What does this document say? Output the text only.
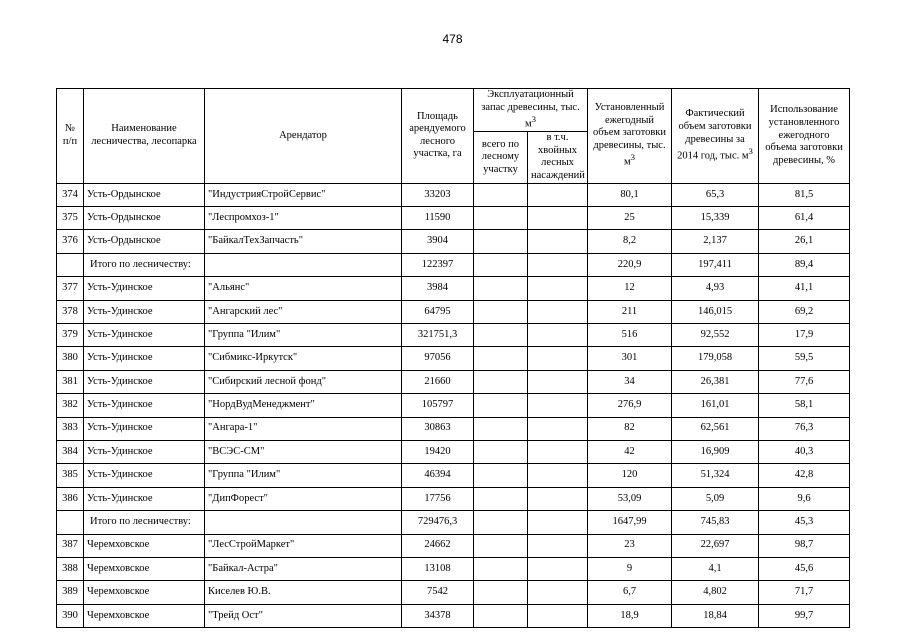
478
№ п/п	Наименование лесничества, лесопарка	Арендатор	Площадь арендуемого лесного участка, га	Эксплуатационный запас древесины, тыс. $м^3$		Установленный ежегодный объем заготовки древесины, тыс. $м^3$	Фактический объем заготовки древесины за 2014 год, тыс. $м^3$	Использование установленного ежегодного объема заготовки древесины, %
				всего по лесному участку	в т.ч. хвойных лесных насаждений			
374	Усть-Ордынское	"ИндустрияСтройСервис"	33203			80,1	65,3	81,5
375	Усть-Ордынское	"Леспромхоз-1"	11590			25	15,339	61,4
376	Усть-Ордынское	"БайкалТехЗапчасть"	3904			8,2	2,137	26,1
	Итого по лесничеству:		122397			220,9	197,411	89,4
377	Усть-Удинское	"Альянс"	3984			12	4,93	41,1
378	Усть-Удинское	"Ангарский лес"	64795			211	146,015	69,2
379	Усть-Удинское	"Группа "Илим"	321751,3			516	92,552	17,9
380	Усть-Удинское	"Сибмикс-Иркутск"	97056			301	179,058	59,5
381	Усть-Удинское	"Сибирский лесной фонд"	21660			34	26,381	77,6
382	Усть-Удинское	"НордВудМенеджмент"	105797			276,9	161,01	58,1
383	Усть-Удинское	"Ангара-1"	30863			82	62,561	76,3
384	Усть-Удинское	"ВСЭС-СМ"	19420			42	16,909	40,3
385	Усть-Удинское	"Группа "Илим"	46394			120	51,324	42,8
386	Усть-Удинское	"ДипФорест"	17756			53,09	5,09	9,6
	Итого по лесничеству:		729476,3			1647,99	745,83	45,3
387	Черемховское	"ЛесСтройМаркет"	24662			23	22,697	98,7
388	Черемховское	"Байкал-Астра"	13108			9	4,1	45,6
389	Черемховское	Киселев Ю.В.	7542			6,7	4,802	71,7
390	Черемховское	"Трейд Ост"	34378			18,9	18,84	99,7
